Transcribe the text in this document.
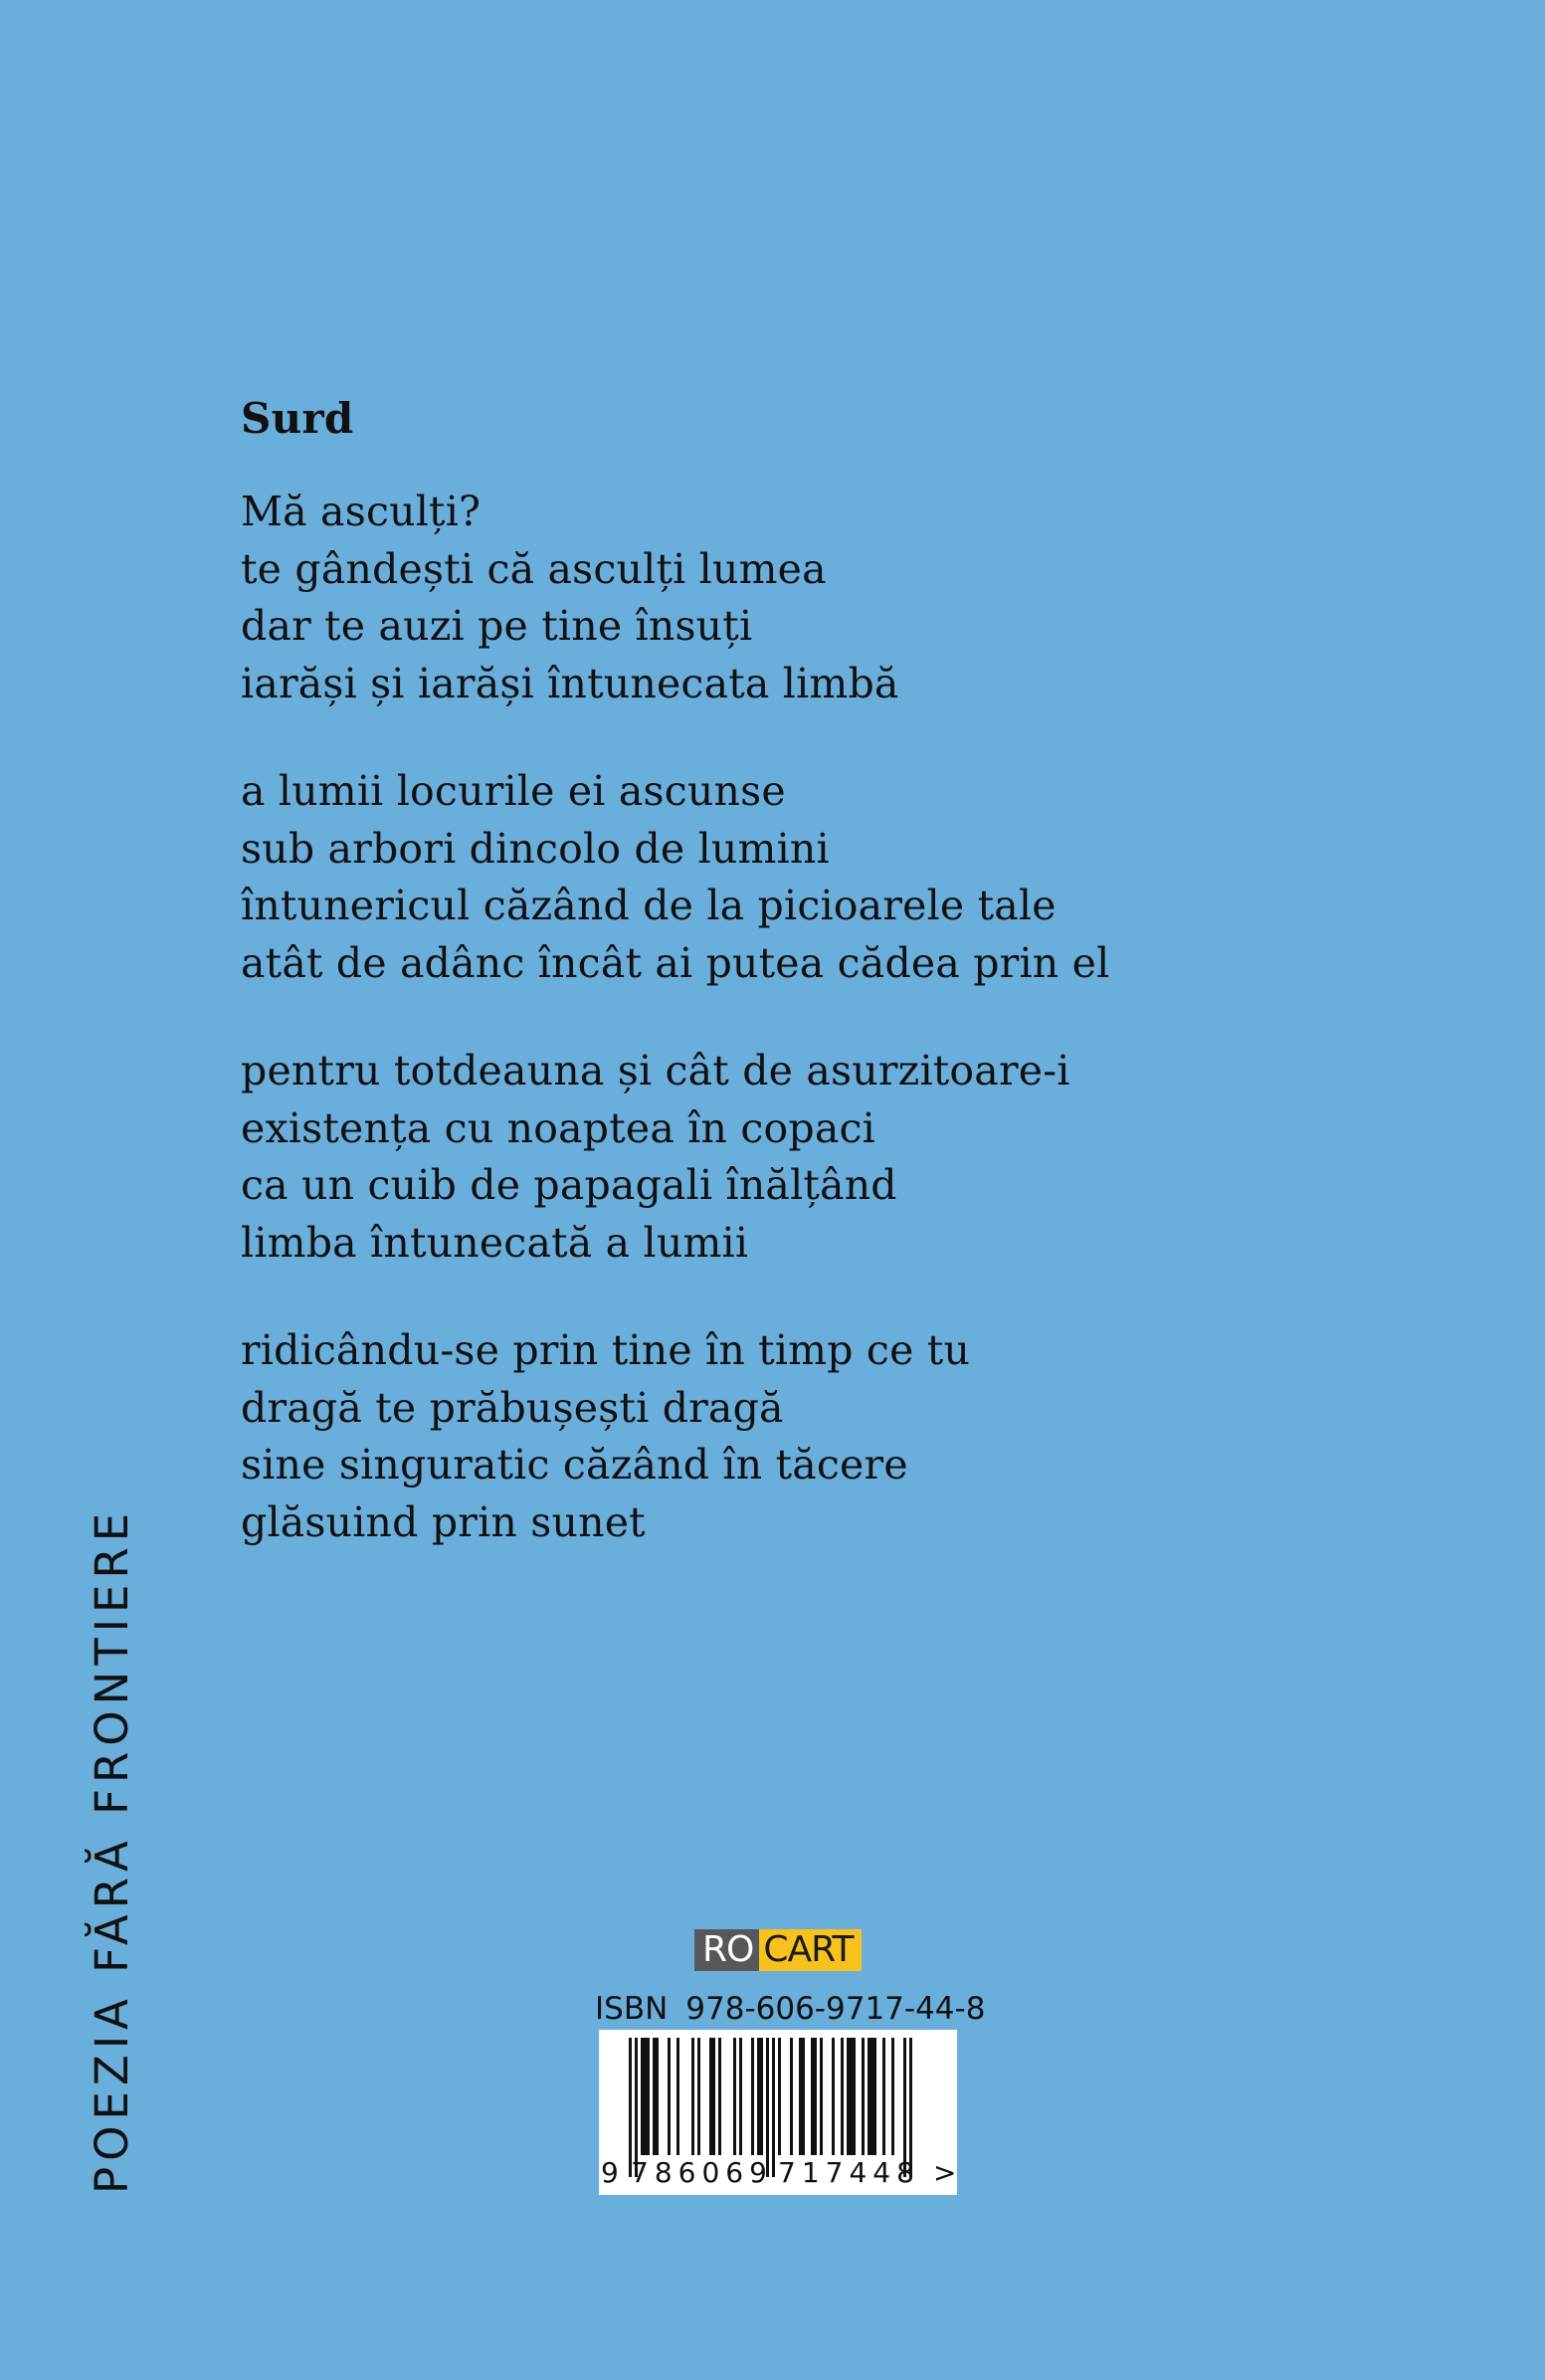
Surd
Mă asculți?
te gândești că asculți lumea
dar te auzi pe tine însuți
iarăși și iarăși întunecata limbă
a lumii locurile ei ascunse
sub arbori dincolo de lumini
întunericul căzând de la picioarele tale
atât de adânc încât ai putea cădea prin el
pentru totdeauna și cât de asurzitoare-i
existența cu noaptea în copaci
ca un cuib de papagali înălțând
limba întunecată a lumii
ridicându-se prin tine în timp ce tu
dragă te prăbușești dragă
sine singuratic căzând în tăcere
glăsuind prin sunet
POEZIA FĂRĂ FRONTIERE	RO CART
ISBN 978-606-9717-44-8
9 786069 717448 >
